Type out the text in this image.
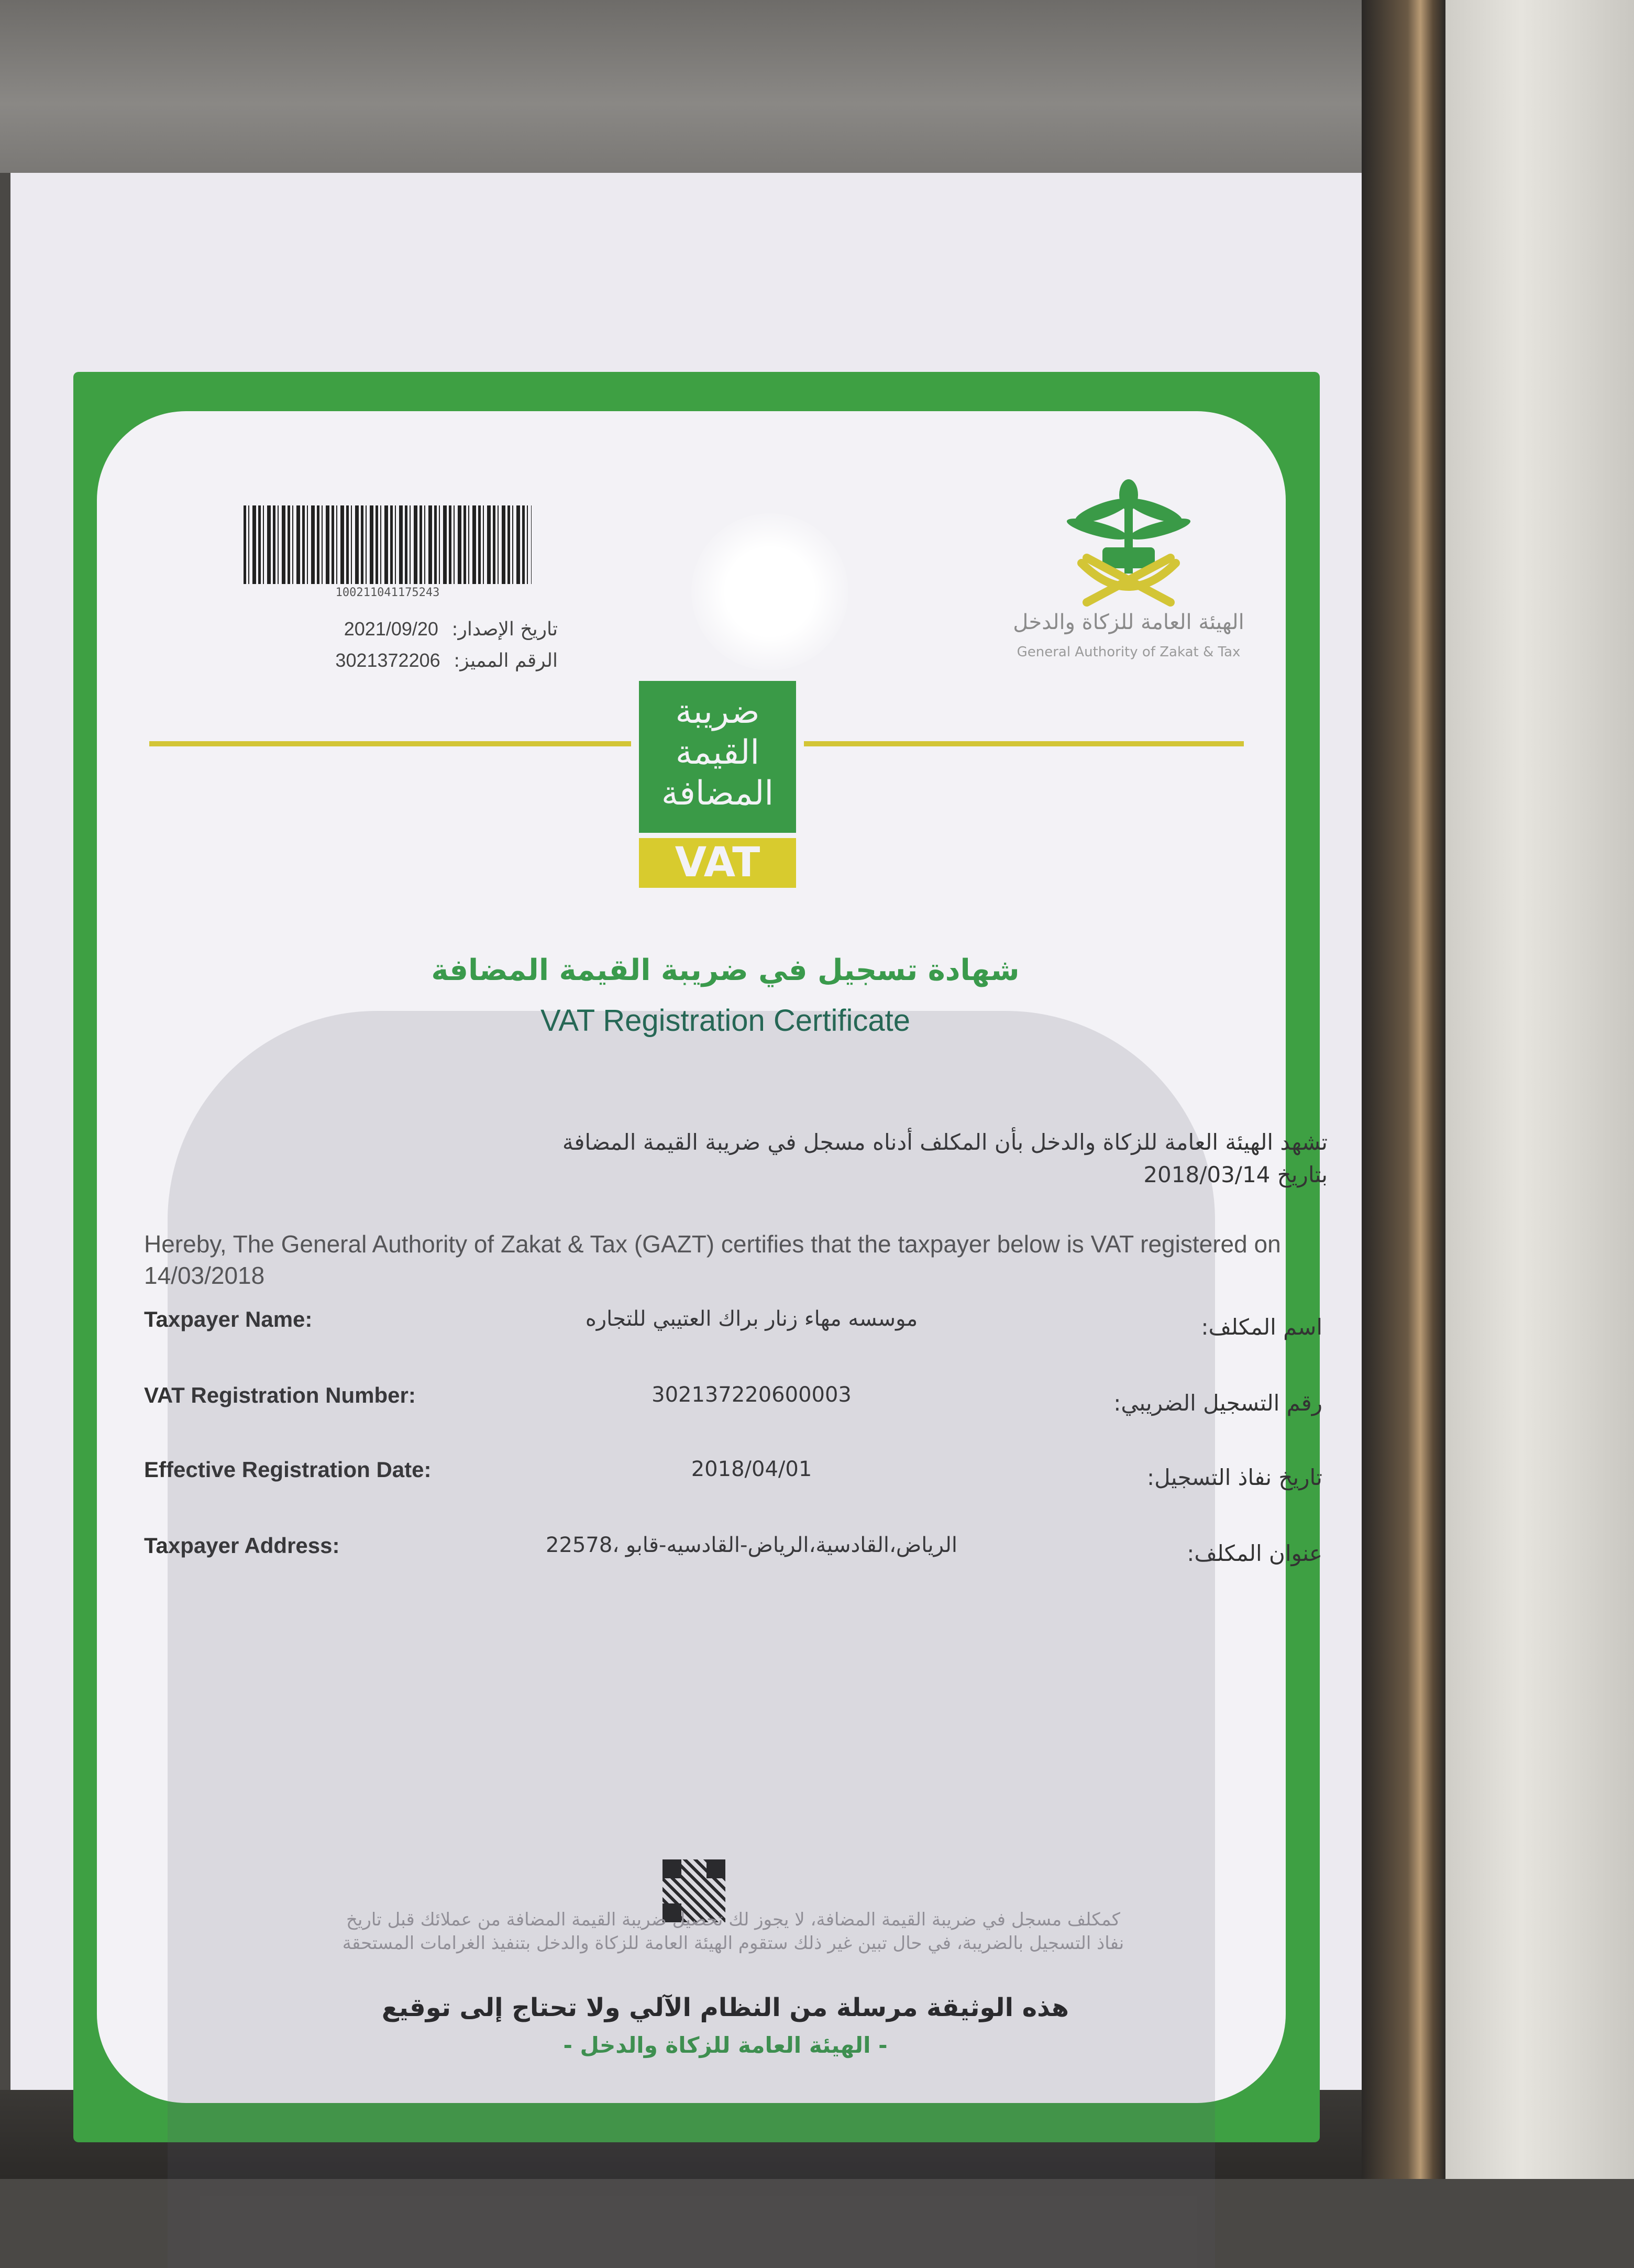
100211041175243
تاريخ الإصدار: 2021/09/20
الرقم المميز: 3021372206
الهيئة العامة للزكاة والدخل
General Authority of Zakat & Tax
ضريبة
القيمة
المضافة
VAT
شهادة تسجيل في ضريبة القيمة المضافة
VAT Registration Certificate
تشهد الهيئة العامة للزكاة والدخل بأن المكلف أدناه مسجل في ضريبة القيمة المضافة
بتاريخ 2018/03/14
Hereby, The General Authority of Zakat & Tax (GAZT) certifies that the taxpayer below is VAT registered on 14/03/2018
Taxpayer Name:	موسسه مهاء زنار براك العتيبي للتجاره	اسم المكلف:
VAT Registration Number:	302137220600003	رقم التسجيل الضريبي:
Effective Registration Date:	2018/04/01	تاريخ نفاذ التسجيل:
Taxpayer Address:	الرياض،القادسية،الرياض-القادسيه-قابو ،22578	عنوان المكلف:
كمكلف مسجل في ضريبة القيمة المضافة، لا يجوز لك تحصيل ضريبة القيمة المضافة من عملائك قبل تاريخ
نفاذ التسجيل بالضريبة، في حال تبين غير ذلك ستقوم الهيئة العامة للزكاة والدخل بتنفيذ الغرامات المستحقة
هذه الوثيقة مرسلة من النظام الآلي ولا تحتاج إلى توقيع
- الهيئة العامة للزكاة والدخل -
